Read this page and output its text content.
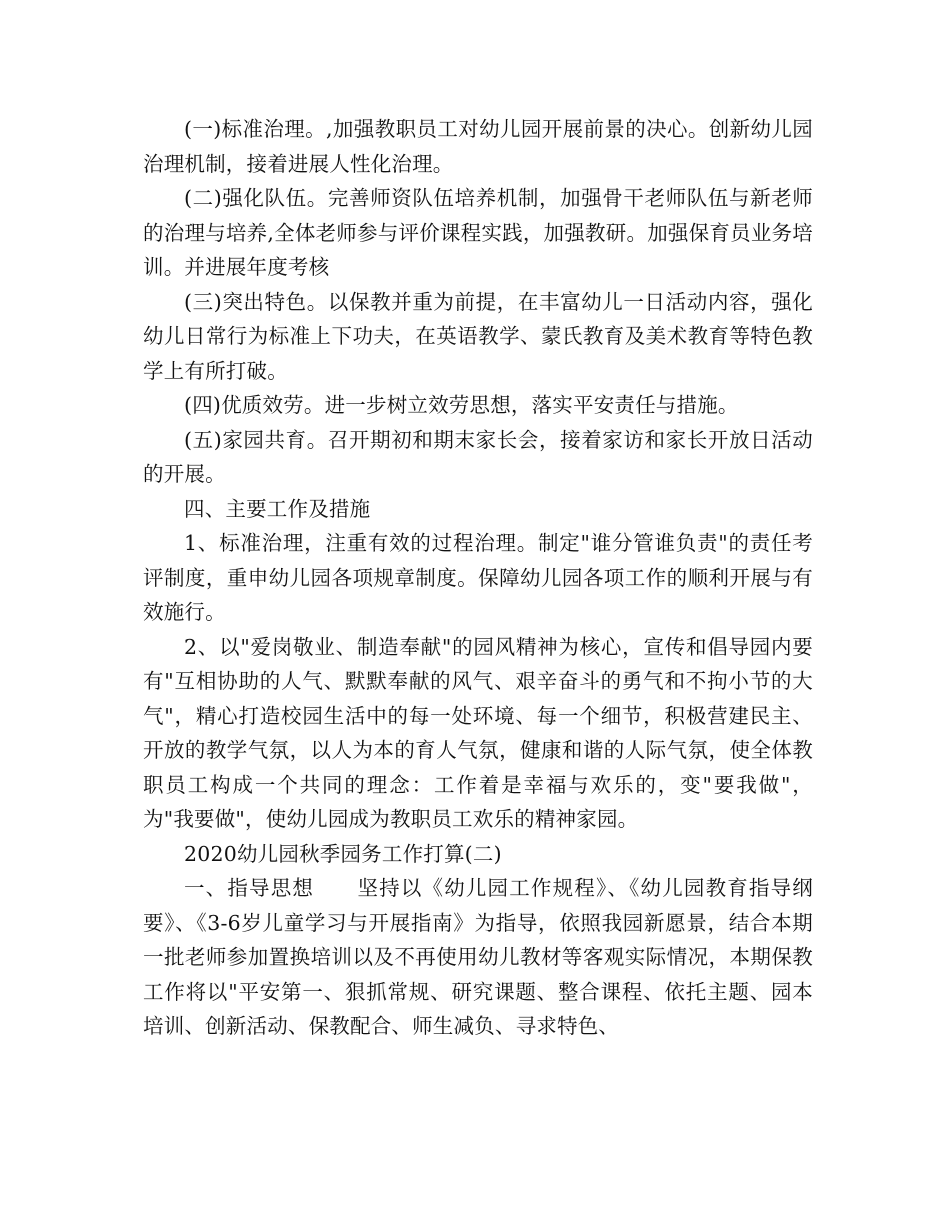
(一)标准治理。,加强教职员工对幼儿园开展前景的决心。创新幼儿园治理机制，接着进展人性化治理。

(二)强化队伍。完善师资队伍培养机制，加强骨干老师队伍与新老师的治理与培养,全体老师参与评价课程实践，加强教研。加强保育员业务培训。并进展年度考核

(三)突出特色。以保教并重为前提，在丰富幼儿一日活动内容，强化幼儿日常行为标准上下功夫，在英语教学、蒙氏教育及美术教育等特色教学上有所打破。

(四)优质效劳。进一步树立效劳思想，落实平安责任与措施。

(五)家园共育。召开期初和期末家长会，接着家访和家长开放日活动的开展。

四、主要工作及措施

1、标准治理，注重有效的过程治理。制定"谁分管谁负责"的责任考评制度，重申幼儿园各项规章制度。保障幼儿园各项工作的顺利开展与有效施行。

2、以"爱岗敬业、制造奉献"的园风精神为核心，宣传和倡导园内要有"互相协助的人气、默默奉献的风气、艰辛奋斗的勇气和不拘小节的大气"，精心打造校园生活中的每一处环境、每一个细节，积极营建民主、开放的教学气氛，以人为本的育人气氛，健康和谐的人际气氛，使全体教职员工构成一个共同的理念：工作着是幸福与欢乐的，变"要我做"，为"我要做"，使幼儿园成为教职员工欢乐的精神家园。

2020幼儿园秋季园务工作打算(二)

一、指导思想　　坚持以《幼儿园工作规程》、《幼儿园教育指导纲要》、《3-6岁儿童学习与开展指南》为指导，依照我园新愿景，结合本期一批老师参加置换培训以及不再使用幼儿教材等客观实际情况，本期保教工作将以"平安第一、狠抓常规、研究课题、整合课程、依托主题、园本培训、创新活动、保教配合、师生减负、寻求特色、
